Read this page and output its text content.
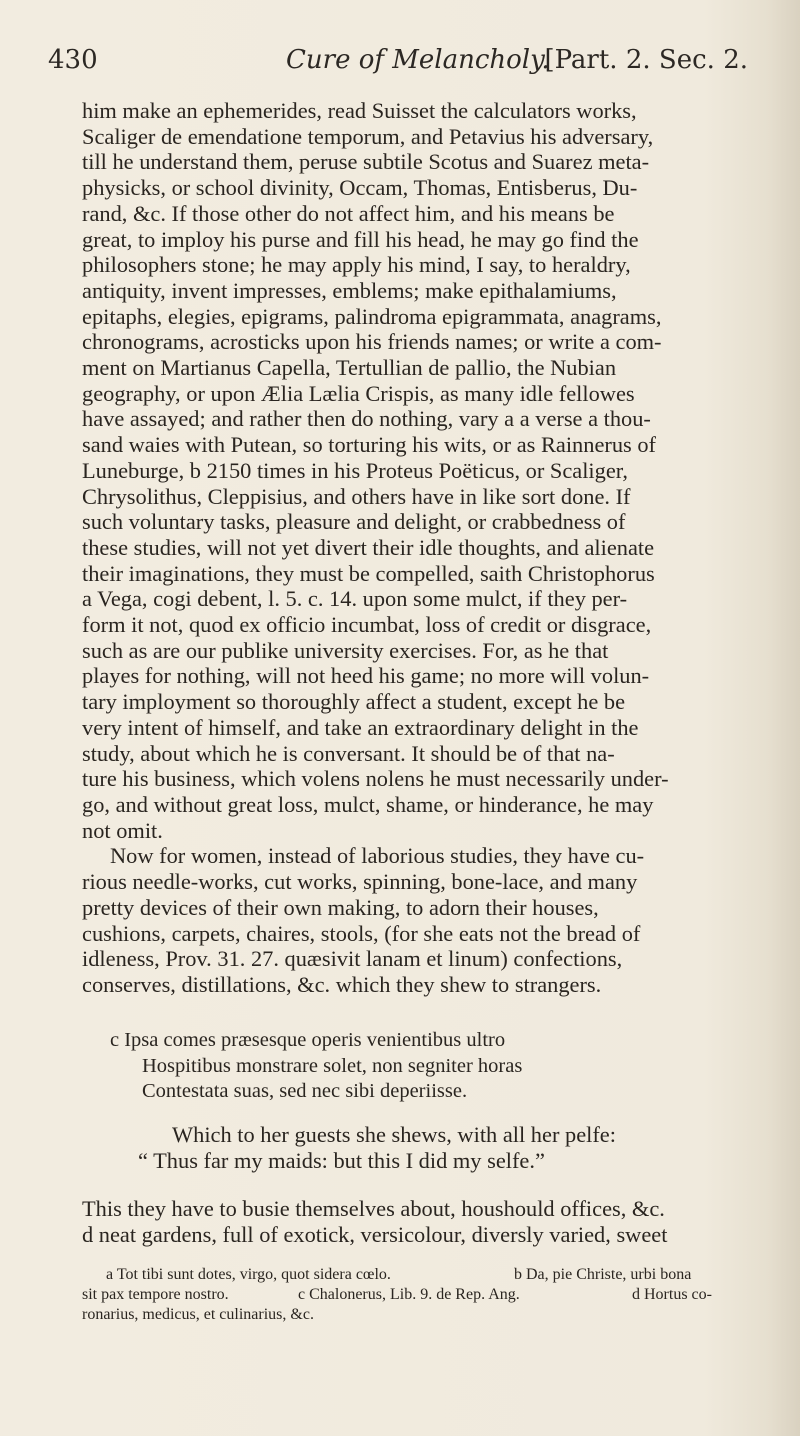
430	Cure of Melancholy.
[Part. 2. Sec. 2.

him make an ephemerides, read Suisset the calculators works,

Scaliger de emendatione temporum, and Petavius his adversary,

till he understand them, peruse subtile Scotus and Suarez meta-

physicks, or school divinity, Occam, Thomas, Entisberus, Du-

rand, &c. If those other do not affect him, and his means be

great, to imploy his purse and fill his head, he may go find the

philosophers stone; he may apply his mind, I say, to heraldry,

antiquity, invent impresses, emblems; make epithalamiums,

epitaphs, elegies, epigrams, palindroma epigrammata, anagrams,

chronograms, acrosticks upon his friends names; or write a com-

ment on Martianus Capella, Tertullian de pallio, the Nubian

geography, or upon Ælia Lælia Crispis, as many idle fellowes

have assayed; and rather then do nothing, vary a a verse a thou-

sand waies with Putean, so torturing his wits, or as Rainnerus of

Luneburge, b 2150 times in his Proteus Poëticus, or Scaliger,

Chrysolithus, Cleppisius, and others have in like sort done. If

such voluntary tasks, pleasure and delight, or crabbedness of

these studies, will not yet divert their idle thoughts, and alienate

their imaginations, they must be compelled, saith Christophorus

a Vega, cogi debent, l. 5. c. 14. upon some mulct, if they per-

form it not, quod ex officio incumbat, loss of credit or disgrace,

such as are our publike university exercises. For, as he that

playes for nothing, will not heed his game; no more will volun-

tary imployment so thoroughly affect a student, except he be

very intent of himself, and take an extraordinary delight in the

study, about which he is conversant. It should be of that na-

ture his business, which volens nolens he must necessarily under-

go, and without great loss, mulct, shame, or hinderance, he may

not omit.

Now for women, instead of laborious studies, they have cu-

rious needle-works, cut works, spinning, bone-lace, and many

pretty devices of their own making, to adorn their houses,

cushions, carpets, chaires, stools, (for she eats not the bread of

idleness, Prov. 31. 27. quæsivit lanam et linum) confections,

conserves, distillations, &c. which they shew to strangers.

c Ipsa comes præsesque operis venientibus ultro
Hospitibus monstrare solet, non segniter horas
Contestata suas, sed nec sibi deperiisse.
Which to her guests she shews, with all her pelfe:
“ Thus far my maids: but this I did my selfe.”
This they have to busie themselves about, houshould offices, &c.
d neat gardens, full of exotick, versicolour, diversly varied, sweet
a Tot tibi sunt dotes, virgo, quot sidera cœlo.	b Da, pie Christe, urbi bona
sit pax tempore nostro.	c Chalonerus, Lib. 9. de Rep. Ang.	d Hortus co-
ronarius, medicus, et culinarius, &c.
